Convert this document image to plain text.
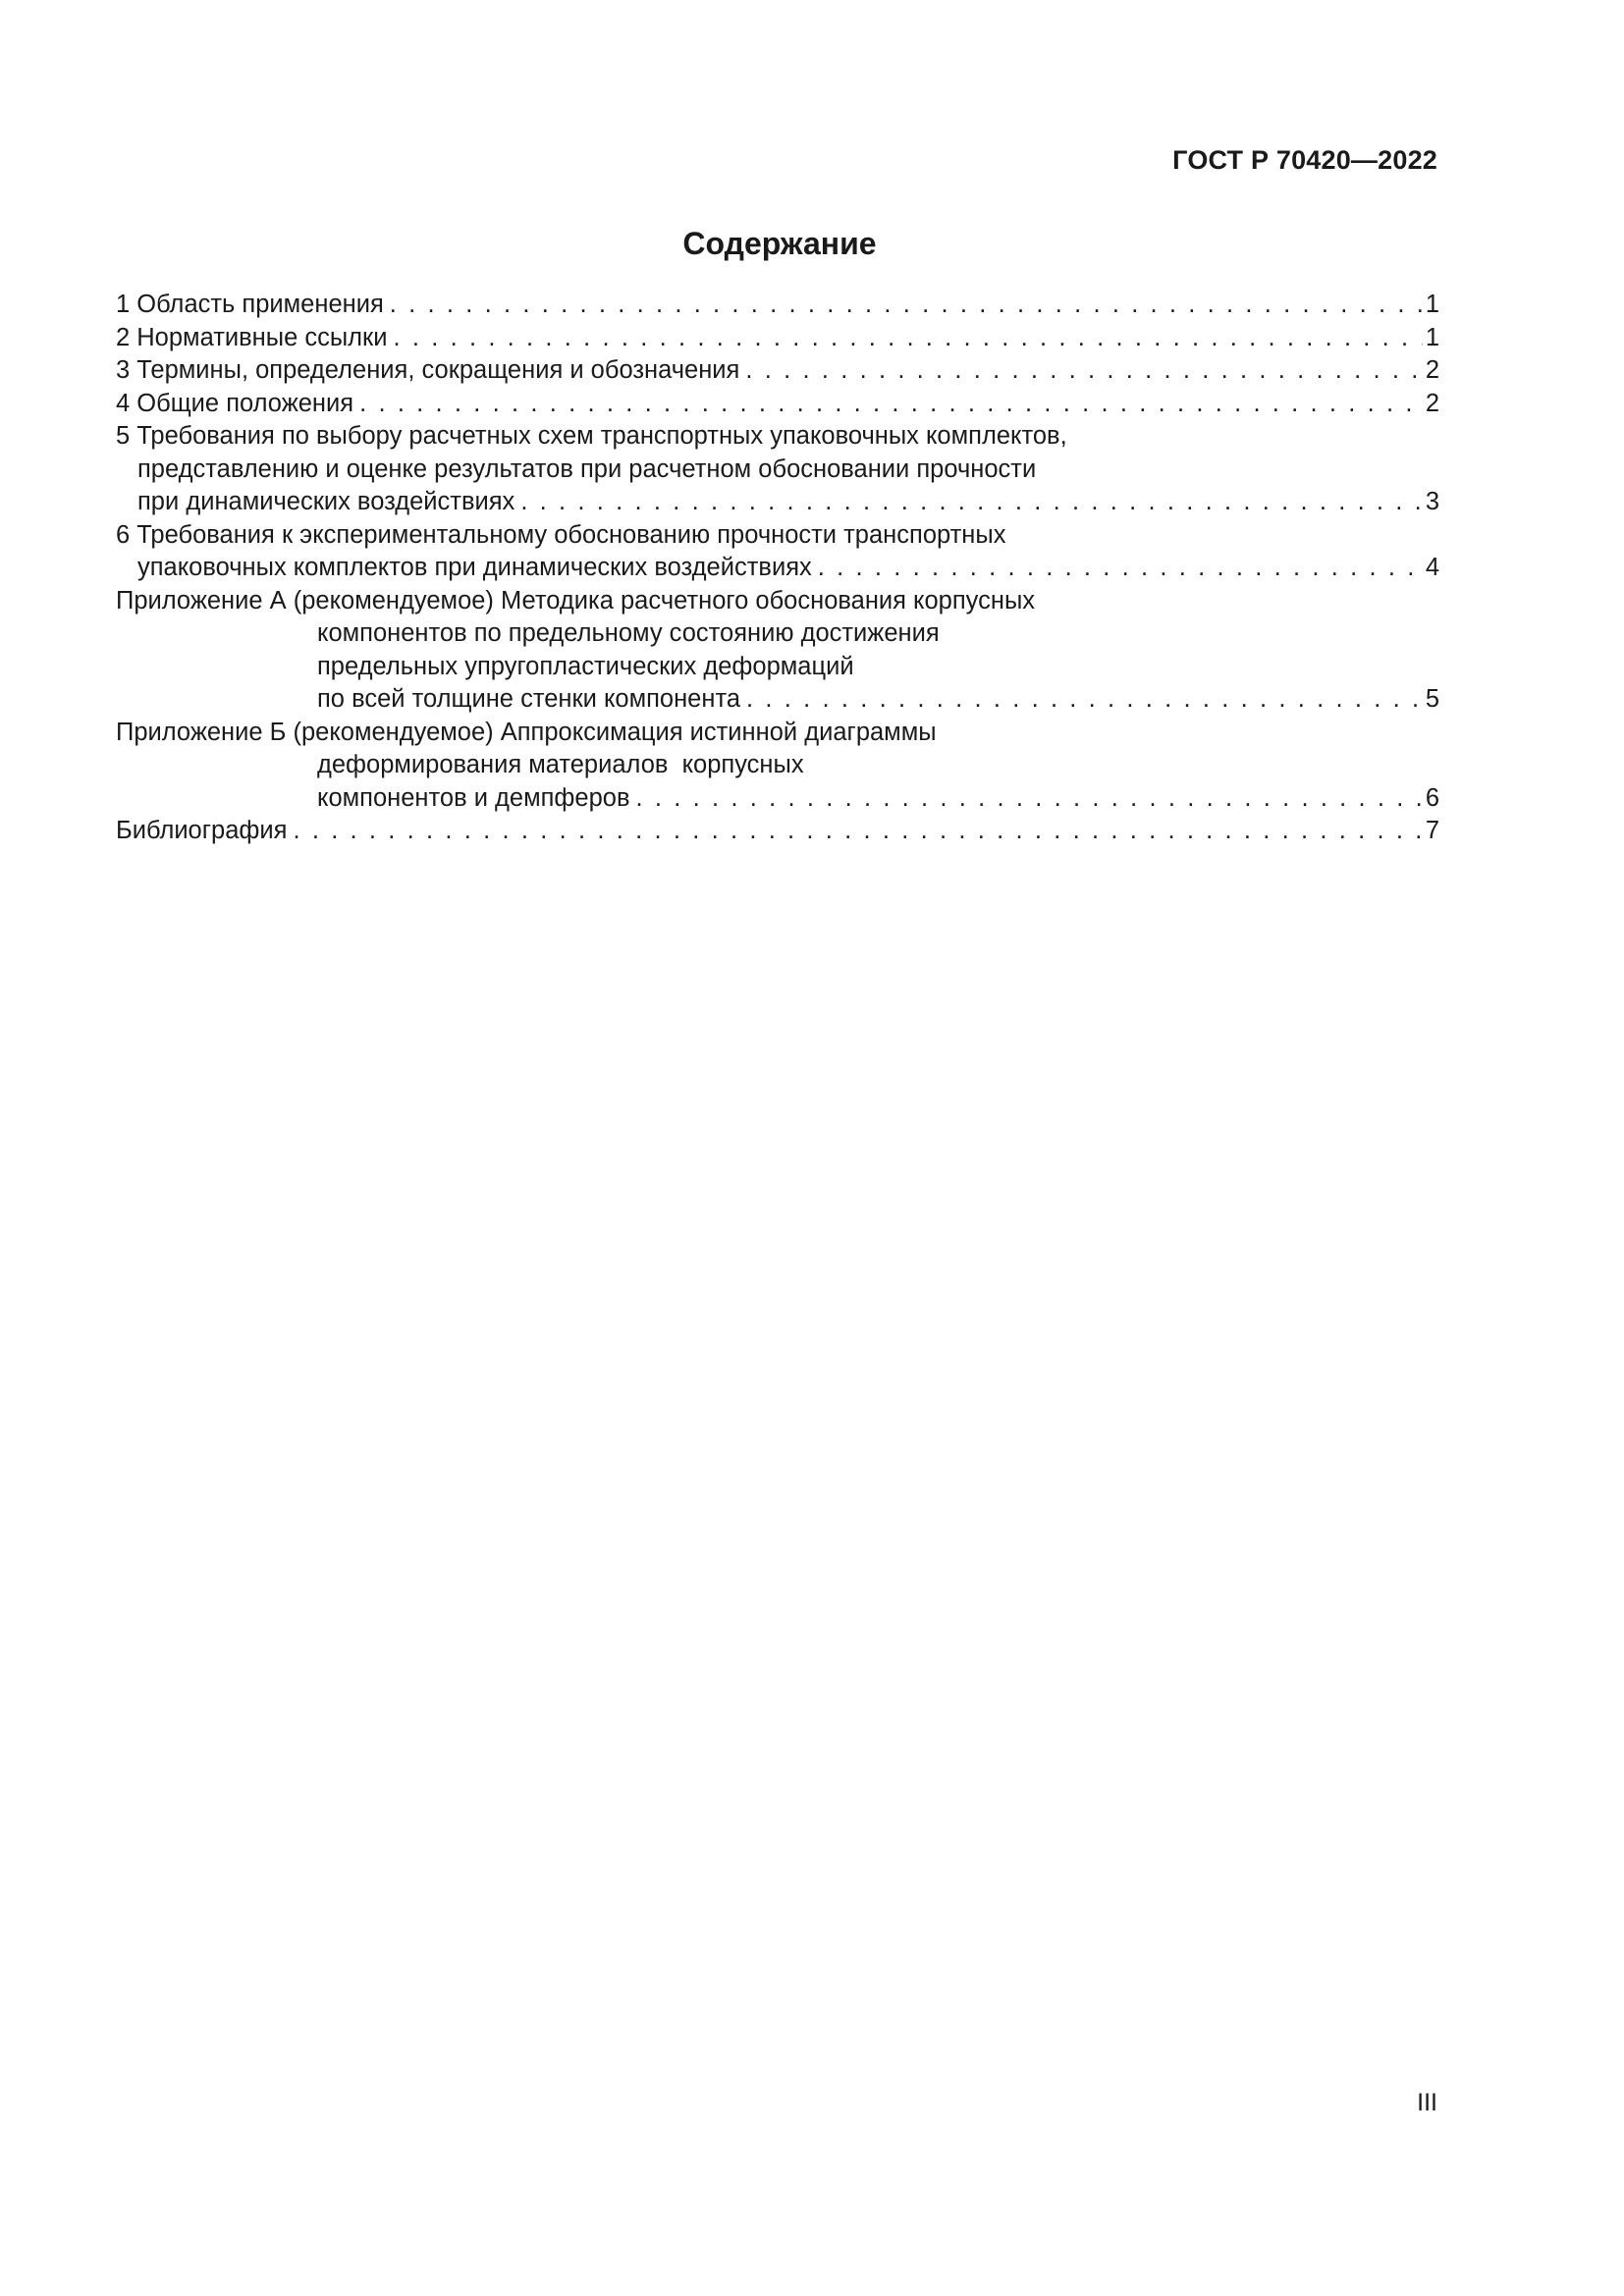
ГОСТ Р 70420—2022
Содержание
1 Область применения . . .	1
2 Нормативные ссылки . . .	1
3 Термины, определения, сокращения и обозначения . . .	2
4 Общие положения . . .	2
5 Требования по выбору расчетных схем транспортных упаковочных комплектов,
представлению и оценке результатов при расчетном обосновании прочности
при динамических воздействиях . . .	3
6 Требования к экспериментальному обоснованию прочности транспортных
упаковочных комплектов при динамических воздействиях . . .	4
Приложение А (рекомендуемое) Методика расчетного обоснования корпусных
компонентов по предельному состоянию достижения
предельных упругопластических деформаций
по всей толщине стенки компонента . . .	5
Приложение Б (рекомендуемое) Аппроксимация истинной диаграммы
деформирования материалов  корпусных
компонентов и демпферов . . .	6
Библиография . . .	7
III
